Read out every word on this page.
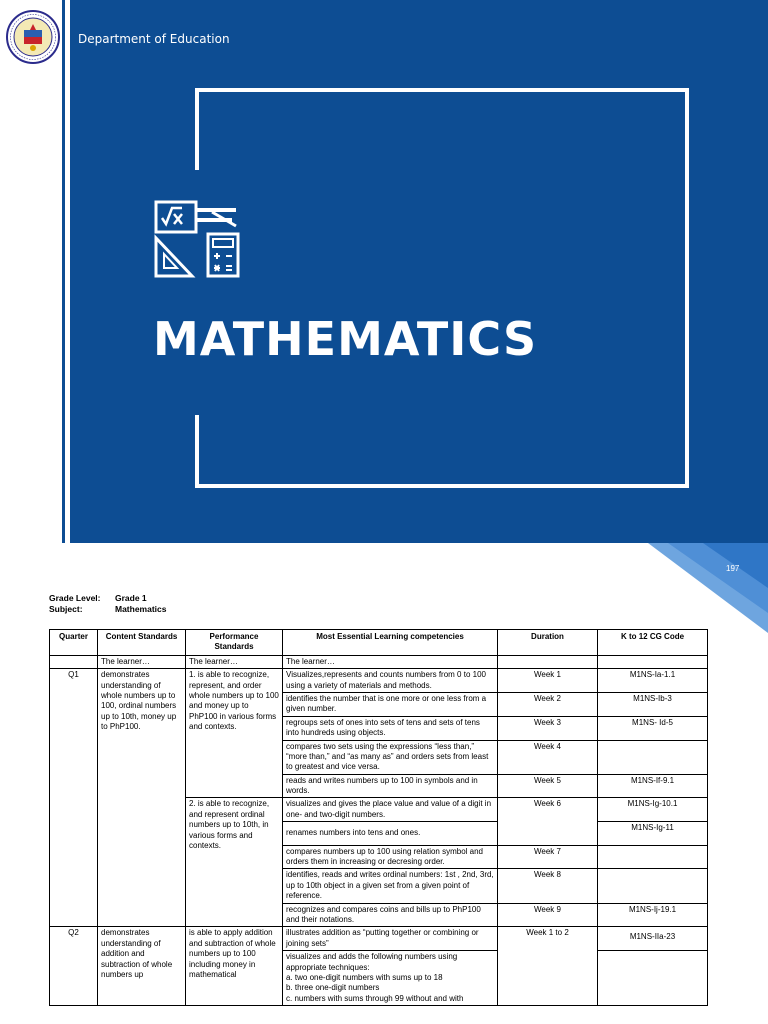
Department of Education
MATHEMATICS
197
Grade Level: Grade 1
Subject:	Mathematics
Quarter	Content Standards	Performance Standards	Most Essential Learning competencies	Duration	K to 12 CG Code
	The learner…	The learner…	The learner…		
Q1	demonstrates understanding of whole numbers up to 100, ordinal numbers up to 10th, money up to PhP100.	1. is able to recognize, represent, and order whole numbers up to 100 and money up to PhP100 in various forms and contexts.	Visualizes,represents and counts numbers from 0 to 100 using a variety of materials and methods.	Week 1	M1NS-Ia-1.1
			identifies the number that is one more or one less from a given number.	Week 2	M1NS-Ib-3
			regroups sets of ones into sets of tens and sets of tens into hundreds using objects.	Week 3	M1NS- Id-5
			compares two sets using the expressions “less than,” “more than,” and “as many as” and orders sets from least to greatest and vice versa.	Week 4	
			reads and writes numbers up to 100 in symbols and in words.	Week 5	M1NS-If-9.1
		2. is able to recognize, and represent ordinal numbers up to 10th, in various forms and contexts.	visualizes and gives the place value and value of a digit in one- and two-digit numbers.	Week 6	M1NS-Ig-10.1
			renames numbers into tens and ones.		M1NS-Ig-11
			compares numbers up to 100 using relation symbol and orders them in increasing or decresing order.	Week 7	
			identifies, reads and writes ordinal numbers: 1st , 2nd, 3rd, up to 10th object in a given set from a given point of reference.	Week 8	
			recognizes and compares coins and bills up to PhP100 and their notations.	Week 9	M1NS-Ij-19.1
Q2	demonstrates understanding of addition and subtraction of whole numbers up	is able to apply addition and subtraction of whole numbers up to 100 including money in mathematical	illustrates addition as “putting together or combining or joining sets”	Week 1 to 2	M1NS-IIa-23

			visualizes and adds the following numbers using appropriate techniques:
a. two one-digit numbers with sums up to 18
b. three one-digit numbers
c. numbers with sums through 99 without and with		
